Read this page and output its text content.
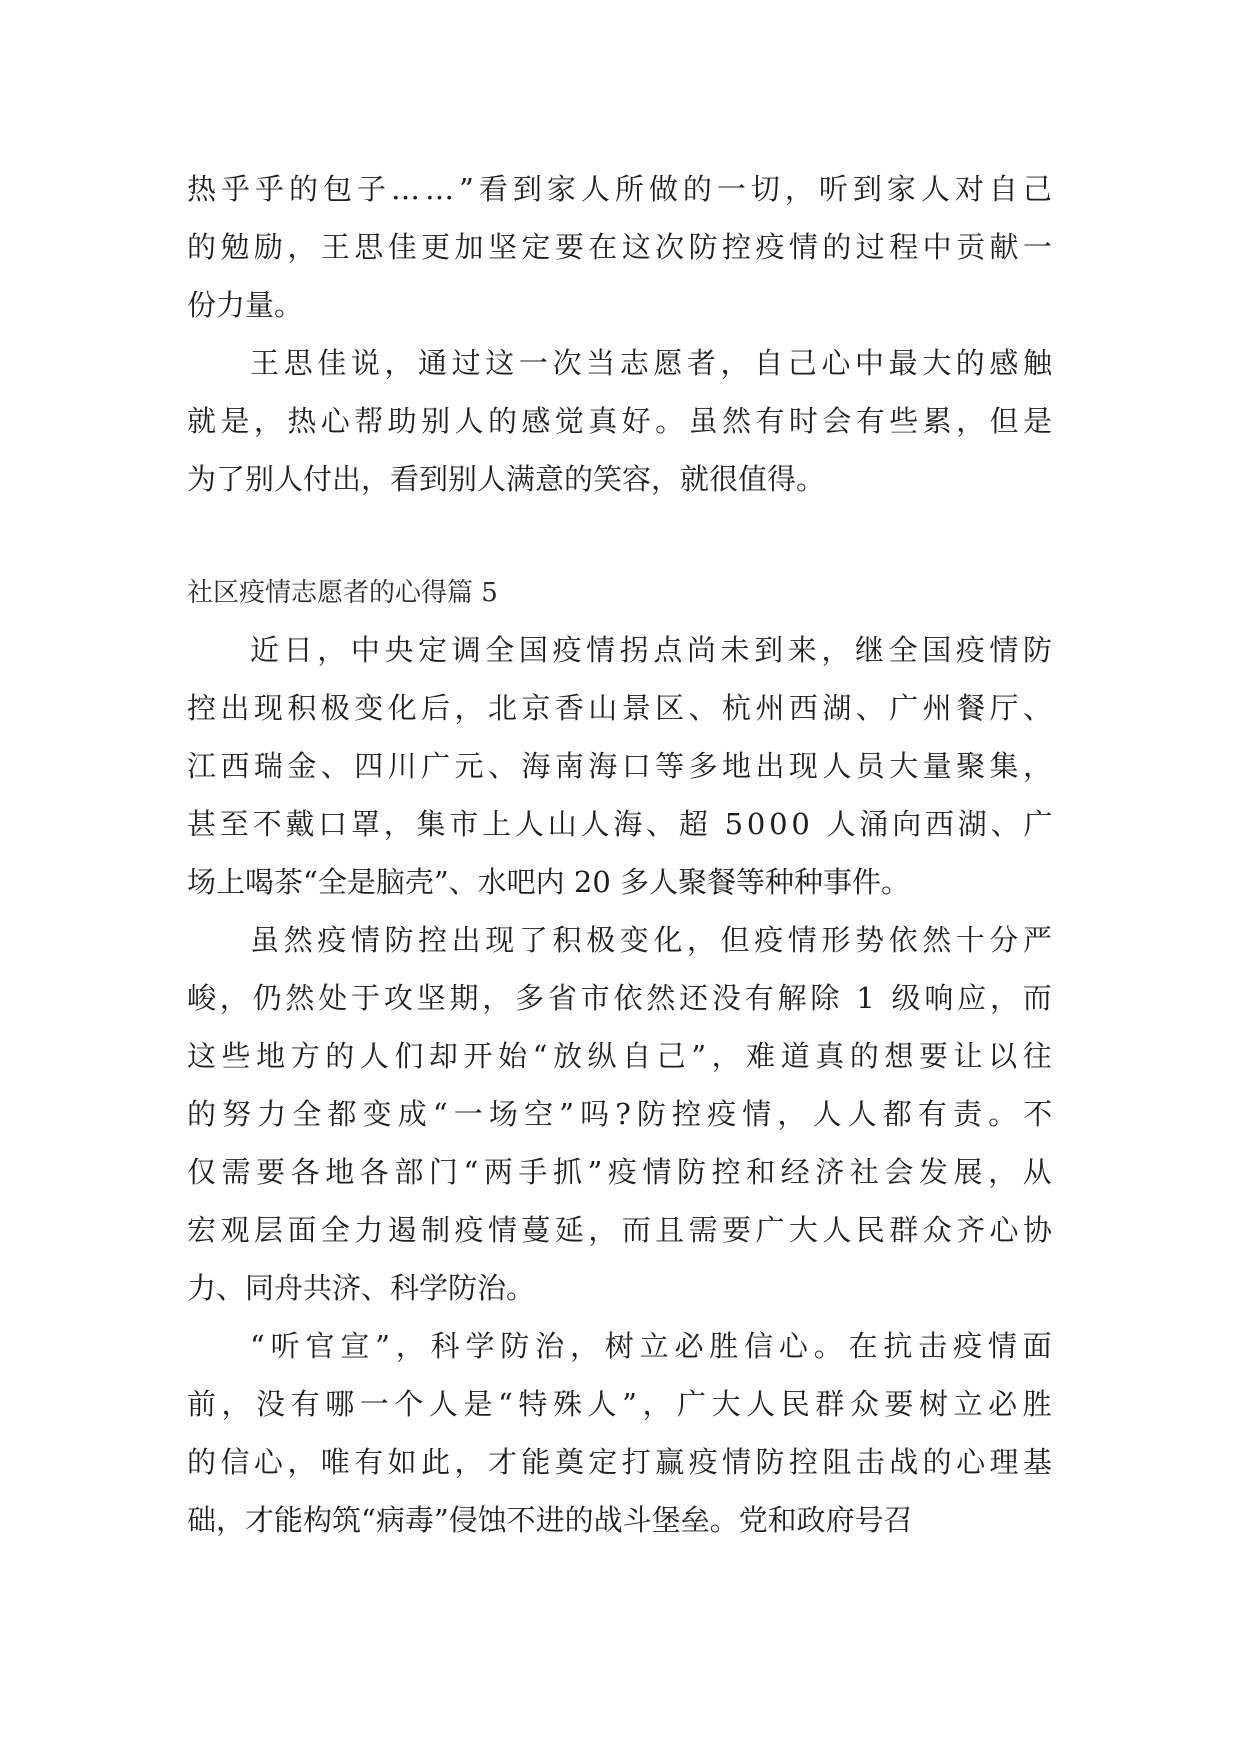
热乎乎的包子……”看到家人所做的一切，听到家人对自己

的勉励，王思佳更加坚定要在这次防控疫情的过程中贡献一

份力量。

王思佳说，通过这一次当志愿者，自己心中最大的感触

就是，热心帮助别人的感觉真好。虽然有时会有些累，但是

为了别人付出，看到别人满意的笑容，就很值得。

社区疫情志愿者的心得篇 5

近日，中央定调全国疫情拐点尚未到来，继全国疫情防

控出现积极变化后，北京香山景区、杭州西湖、广州餐厅、

江西瑞金、四川广元、海南海口等多地出现人员大量聚集，

甚至不戴口罩，集市上人山人海、超 5000 人涌向西湖、广

场上喝茶“全是脑壳”、水吧内 20 多人聚餐等种种事件。

虽然疫情防控出现了积极变化，但疫情形势依然十分严

峻，仍然处于攻坚期，多省市依然还没有解除 1 级响应，而

这些地方的人们却开始“放纵自己”，难道真的想要让以往

的努力全都变成“一场空”吗?防控疫情，人人都有责。不

仅需要各地各部门“两手抓”疫情防控和经济社会发展，从

宏观层面全力遏制疫情蔓延，而且需要广大人民群众齐心协

力、同舟共济、科学防治。

“听官宣”，科学防治，树立必胜信心。在抗击疫情面

前，没有哪一个人是“特殊人”，广大人民群众要树立必胜

的信心，唯有如此，才能奠定打赢疫情防控阻击战的心理基

础，才能构筑“病毒”侵蚀不进的战斗堡垒。党和政府号召
